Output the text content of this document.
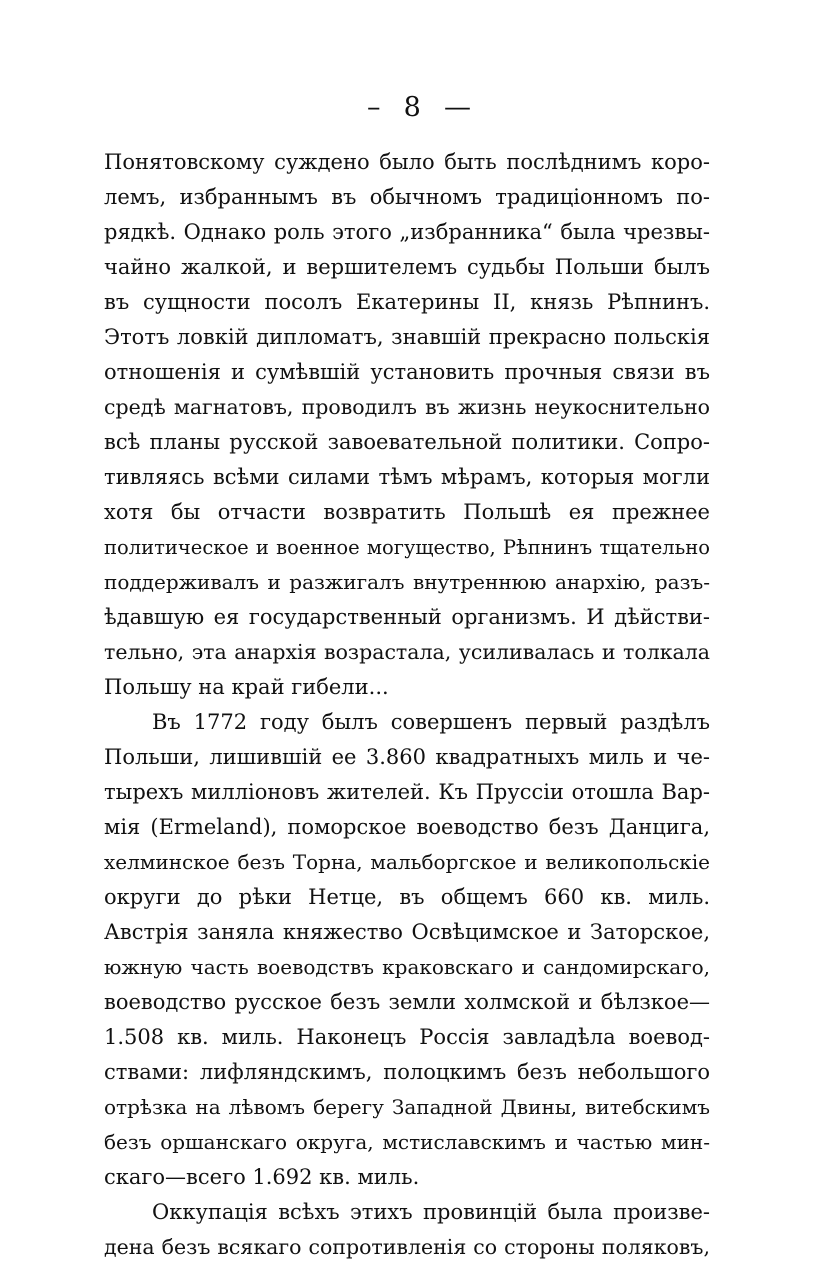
–  8  —
Понятовскому суждено было быть послѣднимъ коро-
лемъ, избраннымъ въ обычномъ традиціонномъ по-
рядкѣ. Однако роль этого „избранника“ была чрезвы-
чайно жалкой, и вершителемъ судьбы Польши былъ
въ сущности посолъ Екатерины II, князь Рѣпнинъ.
Этотъ ловкій дипломатъ, знавшій прекрасно польскія
отношенія и сумѣвшій установить прочныя связи въ
средѣ магнатовъ, проводилъ въ жизнь неукоснительно
всѣ планы русской завоевательной политики. Сопро-
тивляясь всѣми силами тѣмъ мѣрамъ, которыя могли
хотя бы отчасти возвратить Польшѣ ея прежнее
политическое и военное могущество, Рѣпнинъ тщательно
поддерживалъ и разжигалъ внутреннюю анархію, разъ-
ѣдавшую ея государственный организмъ. И дѣйстви-
тельно, эта анархія возрастала, усиливалась и толкала
Польшу на край гибели...
Въ 1772 году былъ совершенъ первый раздѣлъ
Польши, лишившій ее 3.860 квадратныхъ миль и че-
тырехъ милліоновъ жителей. Къ Пруссіи отошла Вар-
мія (Ermeland), поморское воеводство безъ Данцига,
хелминское безъ Торна, мальборгское и великопольскіе
округи до рѣки Нетце, въ общемъ 660 кв. миль.
Австрія заняла княжество Освѣцимское и Заторское,
южную часть воеводствъ краковскаго и сандомирскаго,
воеводство русское безъ земли холмской и бѣлзкое—
1.508 кв. миль. Наконецъ Россія завладѣла воевод-
ствами: лифляндскимъ, полоцкимъ безъ небольшого
отрѣзка на лѣвомъ берегу Западной Двины, витебскимъ
безъ оршанскаго округа, мстиславскимъ и частью мин-
скаго—всего 1.692 кв. миль.
Оккупація всѣхъ этихъ провинцій была произве-
дена безъ всякаго сопротивленія со стороны поляковъ,
